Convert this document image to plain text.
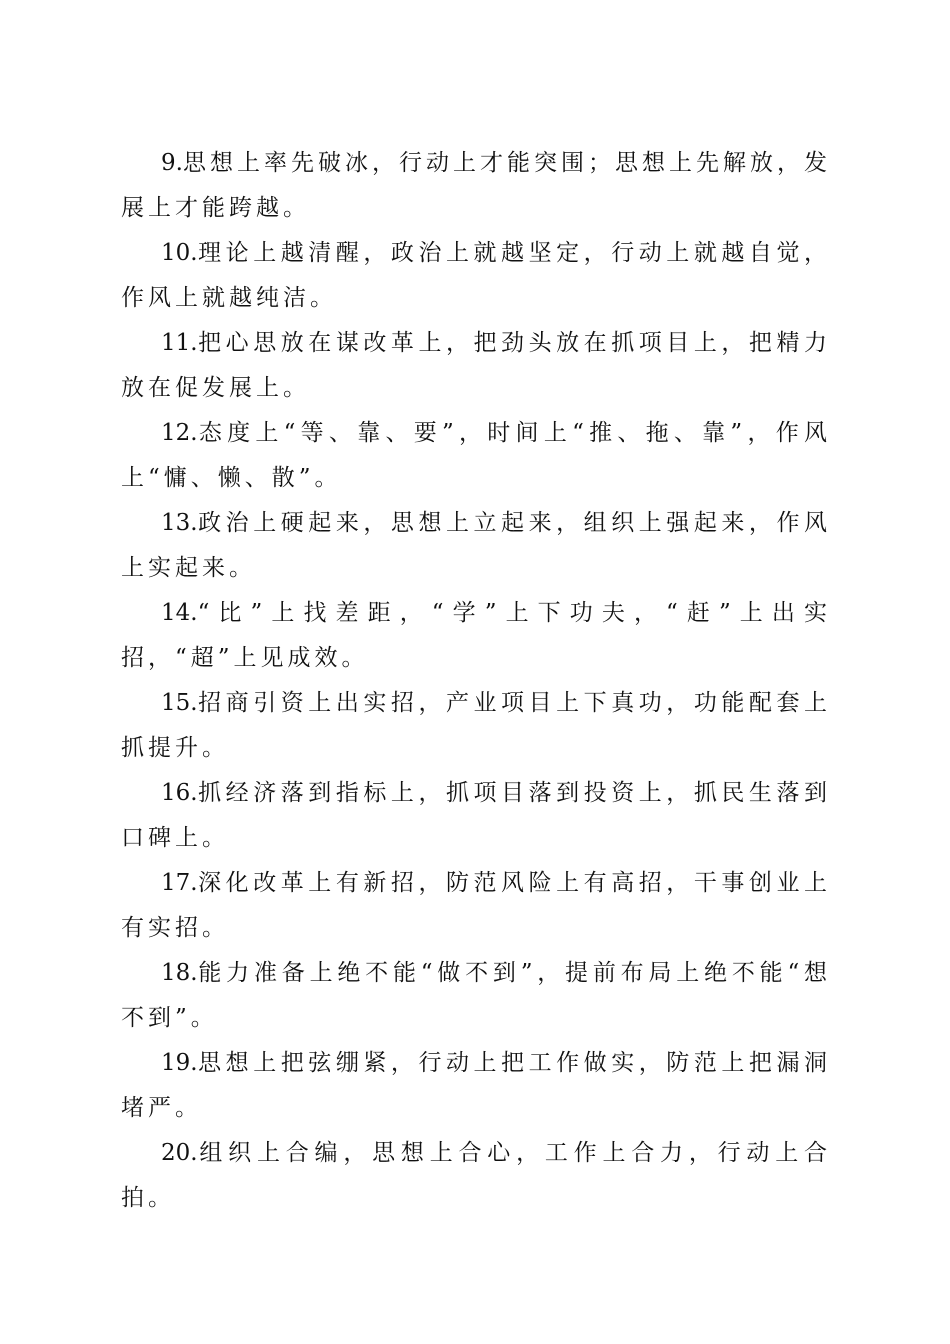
9.思想上率先破冰，行动上才能突围；思想上先解放，发展上才能跨越。

10.理论上越清醒，政治上就越坚定，行动上就越自觉，作风上就越纯洁。

11.把心思放在谋改革上，把劲头放在抓项目上，把精力放在促发展上。

12.态度上“等、靠、要”，时间上“推、拖、靠”，作风上“慵、懒、散”。

13.政治上硬起来，思想上立起来，组织上强起来，作风上实起来。

14.“比”上找差距，“学”上下功夫，“赶”上出实招，“超”上见成效。

15.招商引资上出实招，产业项目上下真功，功能配套上抓提升。

16.抓经济落到指标上，抓项目落到投资上，抓民生落到口碑上。

17.深化改革上有新招，防范风险上有高招，干事创业上有实招。

18.能力准备上绝不能“做不到”，提前布局上绝不能“想不到”。

19.思想上把弦绷紧，行动上把工作做实，防范上把漏洞堵严。

20.组织上合编，思想上合心，工作上合力，行动上合拍。
